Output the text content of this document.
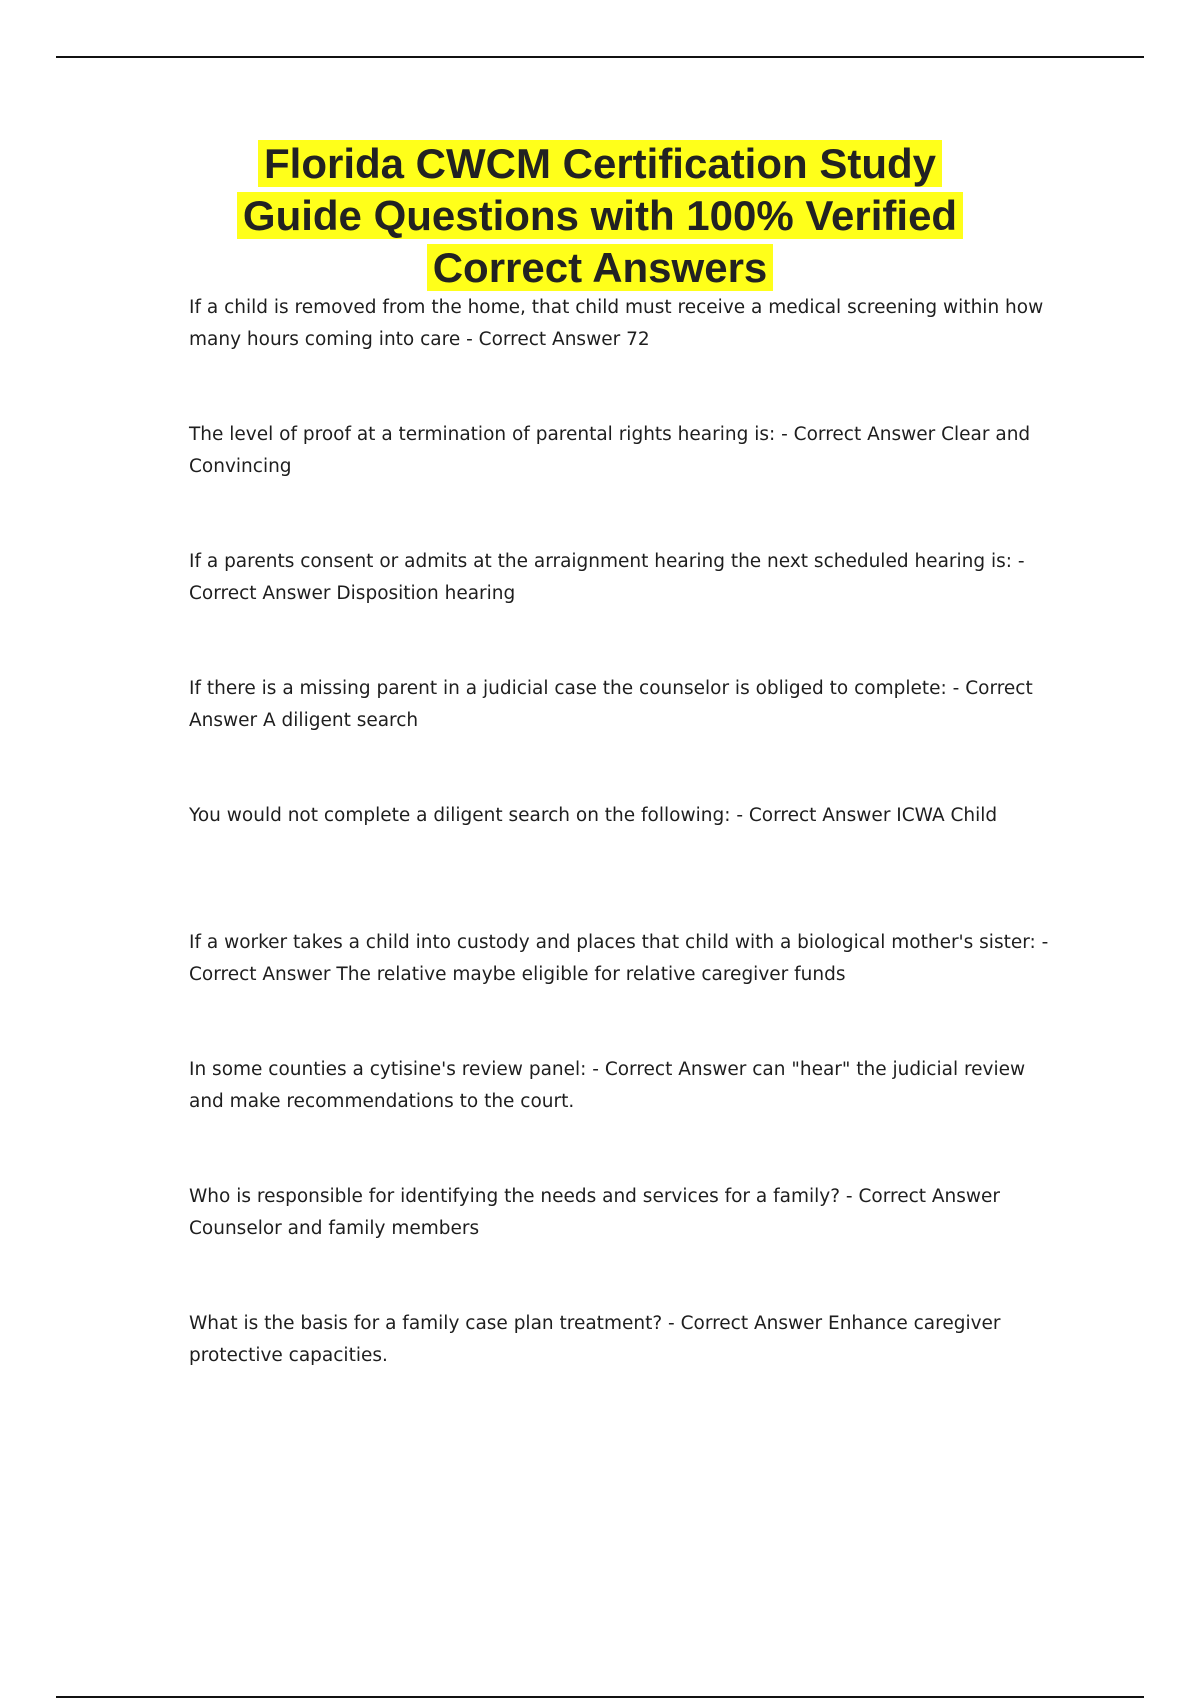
Florida CWCM Certification Study
Guide Questions with 100% Verified
Correct Answers
If a child is removed from the home, that child must receive a medical screening within how many hours coming into care - Correct Answer 72
The level of proof at a termination of parental rights hearing is: - Correct Answer Clear and Convincing
If a parents consent or admits at the arraignment hearing the next scheduled hearing is: - Correct Answer Disposition hearing
If there is a missing parent in a judicial case the counselor is obliged to complete: - Correct Answer A diligent search
You would not complete a diligent search on the following: - Correct Answer ICWA Child
If a worker takes a child into custody and places that child with a biological mother's sister: - Correct Answer The relative maybe eligible for relative caregiver funds
In some counties a cytisine's review panel: - Correct Answer can "hear" the judicial review and make recommendations to the court.
Who is responsible for identifying the needs and services for a family? - Correct Answer Counselor and family members
What is the basis for a family case plan treatment? - Correct Answer Enhance caregiver protective capacities.
